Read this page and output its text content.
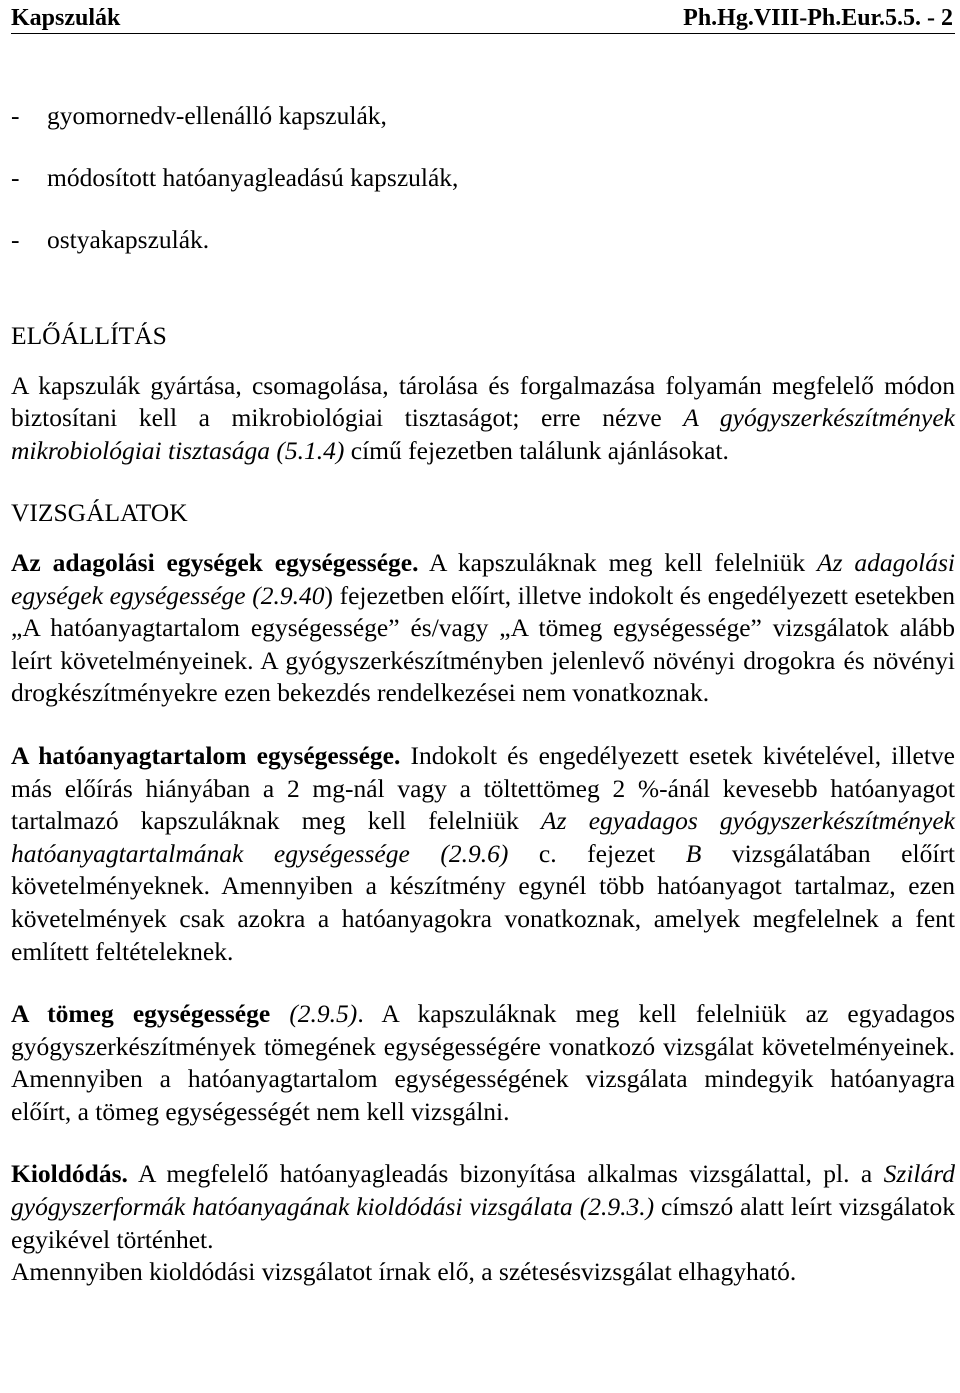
Kapszulák	Ph.Hg.VIII-Ph.Eur.5.5. - 2
-	gyomornedv-ellenálló kapszulák,
-	módosított hatóanyagleadású kapszulák,
-	ostyakapszulák.
ELŐÁLLÍTÁS

A kapszulák gyártása, csomagolása, tárolása és forgalmazása folyamán megfelelő módon biztosítani kell a mikrobiológiai tisztaságot; erre nézve A gyógyszerkészítmények mikrobiológiai tisztasága (5.1.4) című fejezetben találunk ajánlásokat.

VIZSGÁLATOK

Az adagolási egységek egységessége. A kapszuláknak meg kell felelniük Az adagolási egységek egységessége (2.9.40) fejezetben előírt, illetve indokolt és engedélyezett esetekben „A hatóanyagtartalom egységessége” és/vagy „A tömeg egységessége” vizsgálatok alább leírt követelményeinek. A gyógyszerkészítményben jelenlevő növényi drogokra és növényi drogkészítményekre ezen bekezdés rendelkezései nem vonatkoznak.

A hatóanyagtartalom egységessége. Indokolt és engedélyezett esetek kivételével, illetve más előírás hiányában a 2 mg-nál vagy a töltettömeg 2 %-ánál kevesebb hatóanyagot tartalmazó kapszuláknak meg kell felelniük Az egyadagos gyógyszerkészítmények hatóanyagtartalmának egységessége (2.9.6) c. fejezet B vizsgálatában előírt követelményeknek. Amennyiben a készítmény egynél több hatóanyagot tartalmaz, ezen követelmények csak azokra a hatóanyagokra vonatkoznak, amelyek megfelelnek a fent említett feltételeknek.

A tömeg egységessége (2.9.5). A kapszuláknak meg kell felelniük az egyadagos gyógyszerkészítmények tömegének egységességére vonatkozó vizsgálat követelményeinek. Amennyiben a hatóanyagtartalom egységességének vizsgálata mindegyik hatóanyagra előírt, a tömeg egységességét nem kell vizsgálni.

Kioldódás. A megfelelő hatóanyagleadás bizonyítása alkalmas vizsgálattal, pl. a Szilárd gyógyszerformák hatóanyagának kioldódási vizsgálata (2.9.3.) címszó alatt leírt vizsgálatok egyikével történhet.

Amennyiben kioldódási vizsgálatot írnak elő, a szétesésvizsgálat elhagyható.
